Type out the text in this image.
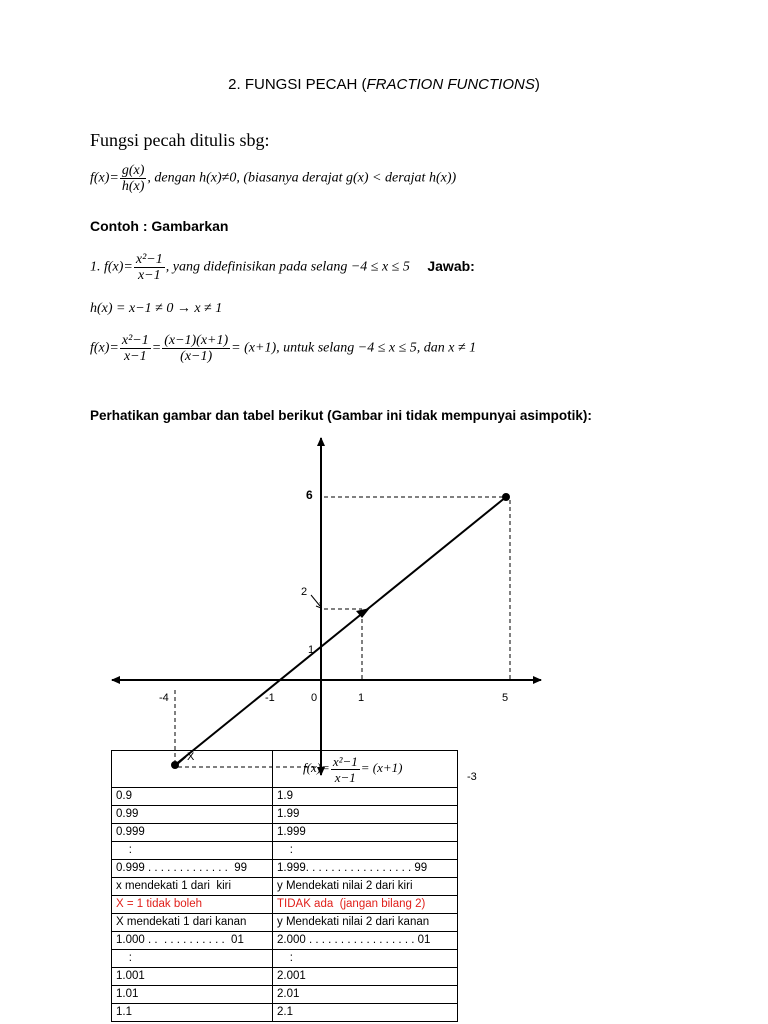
2. FUNGSI PECAH (FRACTION FUNCTIONS)
Fungsi pecah ditulis sbg:
$f(x)= \frac{g(x)}{h(x)}$ , dengan h(x)≠0, (biasanya derajat g(x) < derajat h(x))
Contoh : Gambarkan
1. $f(x)= \frac{\text{x²−1}}{x-1}$ , yang didefinisikan pada selang −4 ≤ x ≤ 5 Jawab:
h(x) = x−1 ≠ 0 → x ≠ 1
$f(x)= \frac{\text{x²−1}}{x-1} = \frac{(x-1)(x+1)}{(x-1)} = (x+1)$, untuk selang −4 ≤ x ≤ 5, dan x ≠ 1
Perhatikan gambar dan tabel berikut (Gambar ini tidak mempunyai asimpotik):
-4	-1	0	1	5
6
2
1
X
-3
	$f(x)= \frac{\text{x²−1}}{x-1} = (x+1)$
0.9	1.9
0.99	1.99
0.999	1.999
:	:
0.999 . . . . . . . . . . . . .  99	1.999. . . . . . . . . . . . . . . . . 99
x mendekati 1 dari  kiri	y Mendekati nilai 2 dari kiri
X = 1 tidak boleh	TIDAK ada  (jangan bilang 2)
X mendekati 1 dari kanan	y Mendekati nilai 2 dari kanan
1.000 . .  . . . . . . . . . .  01	2.000 . . . . . . . . . . . . . . . . . 01
:	:
1.001	2.001
1.01	2.01
1.1	2.1
